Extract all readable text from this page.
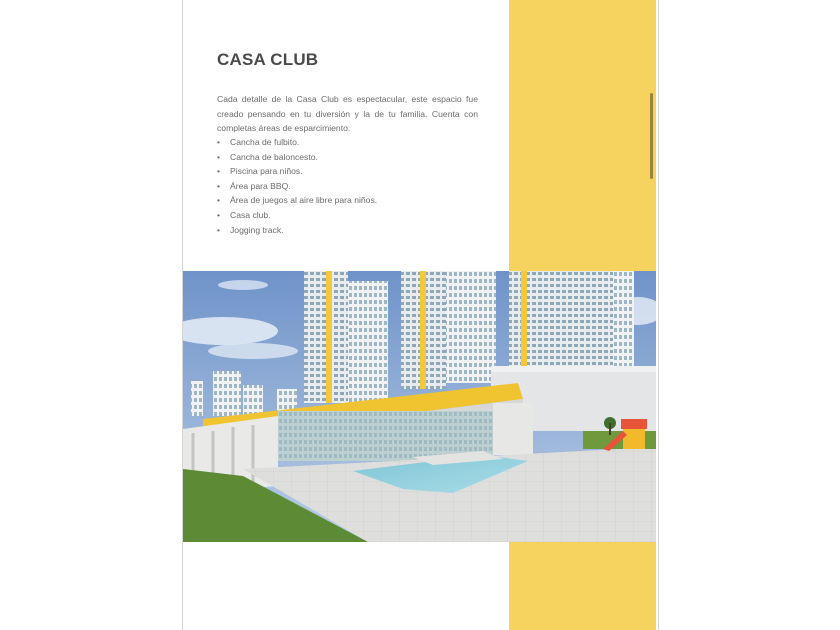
CASA CLUB

Cada detalle de la Casa Club es espectacular, este espacio fue creado pensando en tu diversión y la de tu familia. Cuenta con completas áreas de esparcimiento.

• Cancha de fulbito.
• Cancha de baloncesto.
• Piscina para niños.
• Área para BBQ.
• Área de juegos al aire libre para niños.
• Casa club.
• Jogging track.
